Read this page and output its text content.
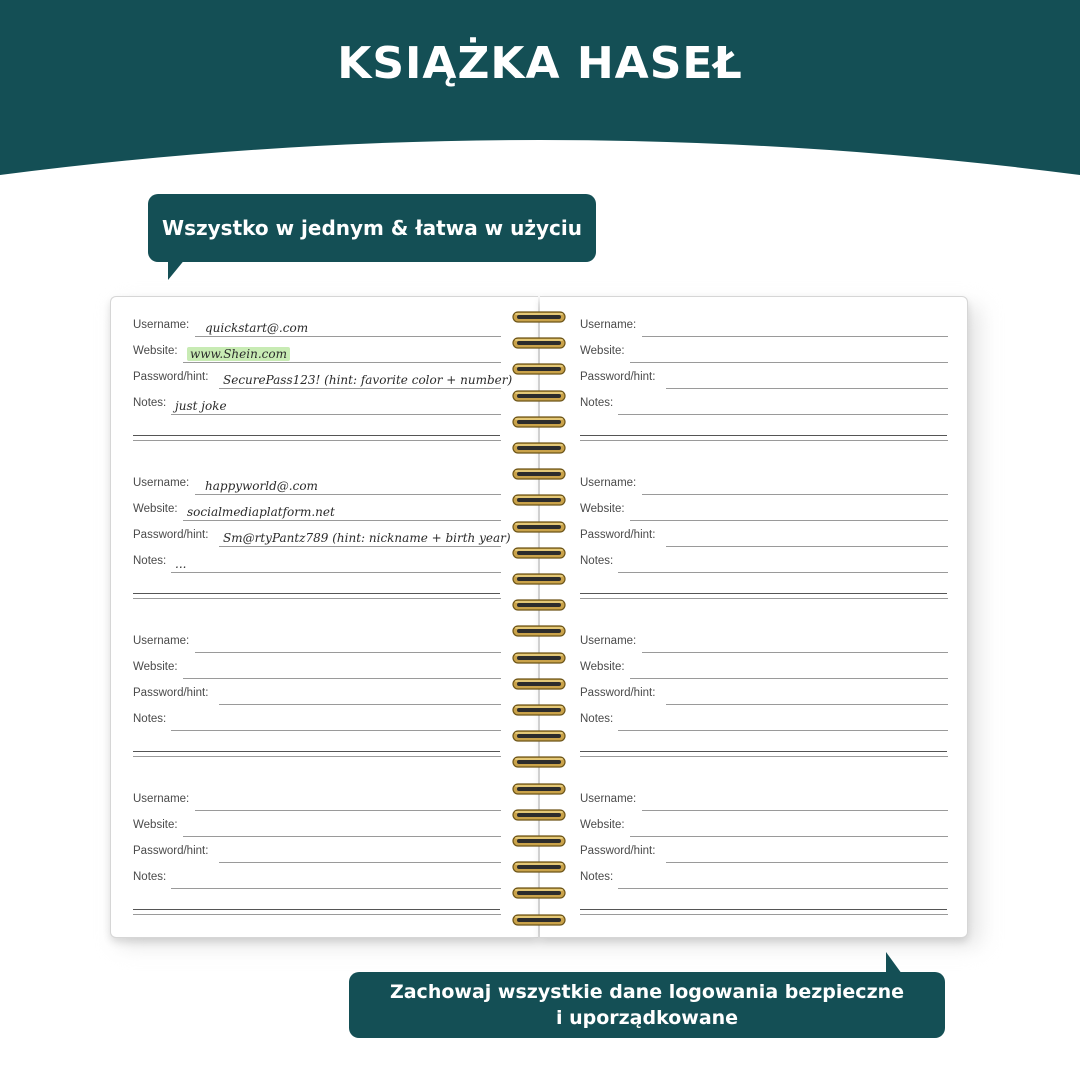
KSIĄŻKA HASEŁ
Wszystko w jednym & łatwa w użyciu
Username: quickstart@.com
Website: www.Shein.com
Password/hint: SecurePass123! (hint: favorite color + number)
Notes: just joke
Username: happyworld@.com
Website: socialmediaplatform.net
Password/hint: Sm@rtyPantz789 (hint: nickname + birth year)
Notes: ...
Username:
Website:
Password/hint:
Notes:
Username:
Website:
Password/hint:
Notes:
Username:
Website:
Password/hint:
Notes:
Username:
Website:
Password/hint:
Notes:
Username:
Website:
Password/hint:
Notes:
Username:
Website:
Password/hint:
Notes:
Zachowaj wszystkie dane logowania bezpieczne
i uporządkowane
